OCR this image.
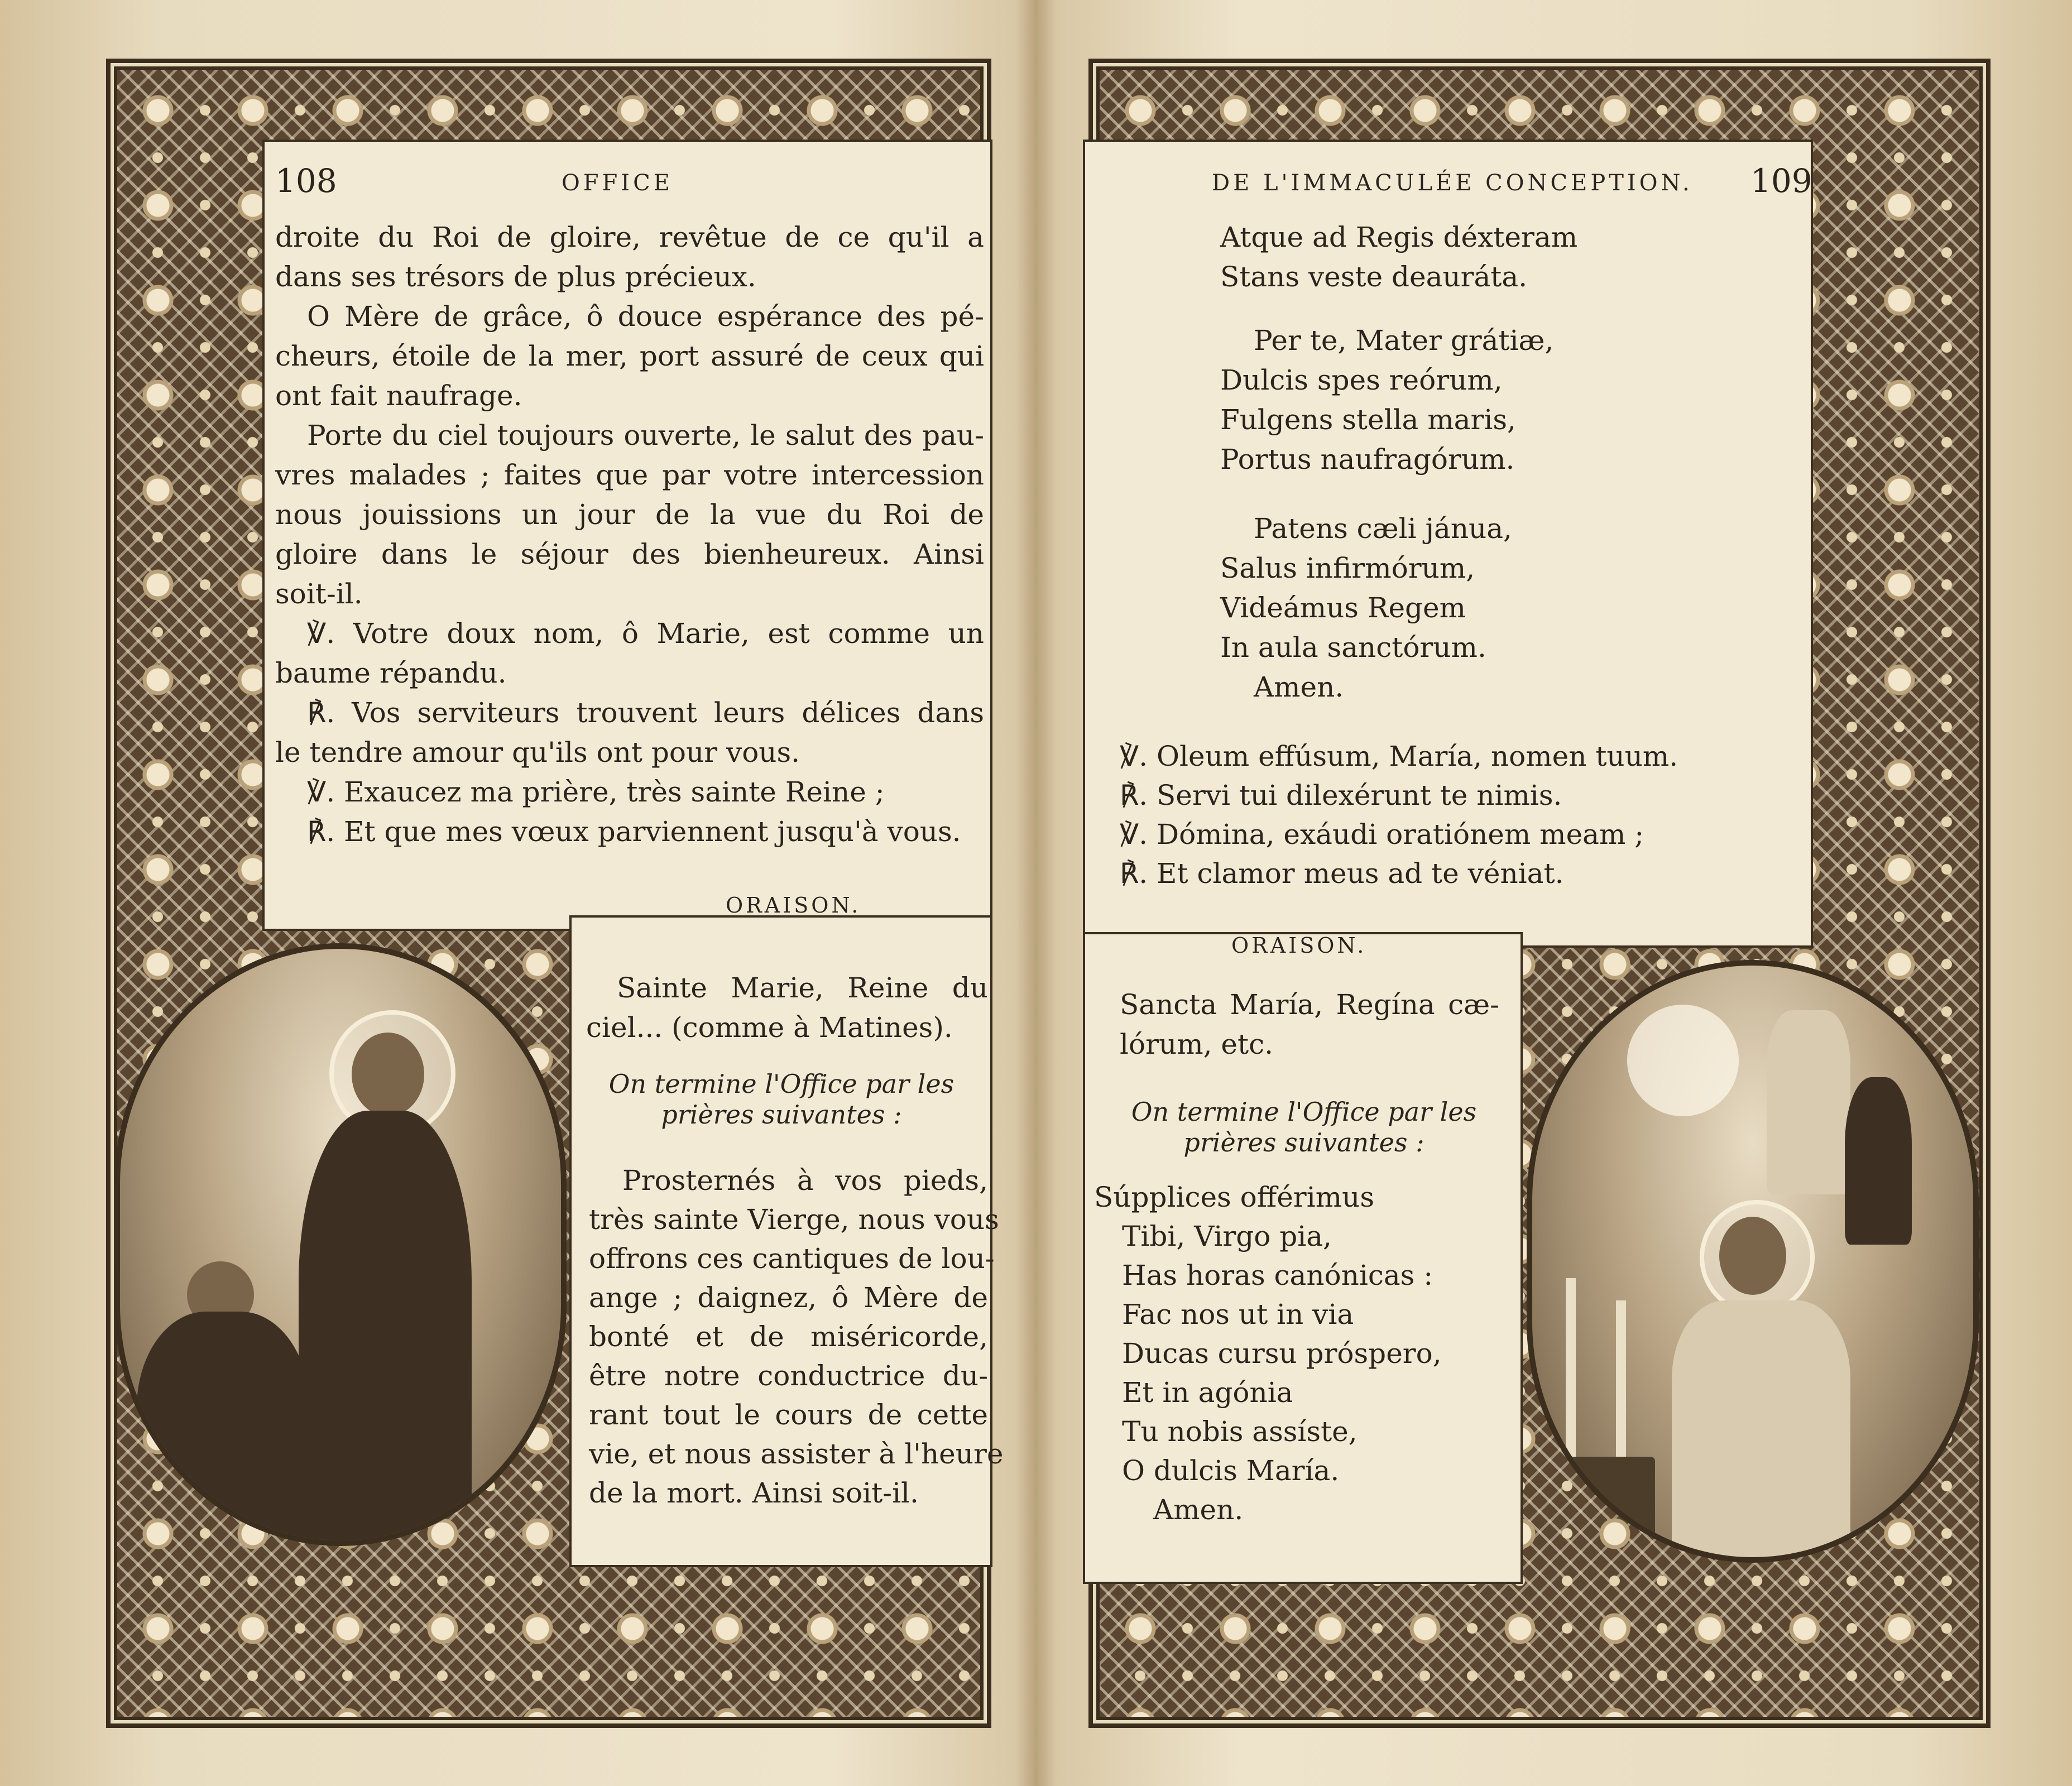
108	OFFICE
droite du Roi de gloire, revêtue de ce qu'il a
dans ses trésors de plus précieux.
O Mère de grâce, ô douce espérance des pé-
cheurs, étoile de la mer, port assuré de ceux qui
ont fait naufrage.
Porte du ciel toujours ouverte, le salut des pau-
vres malades ; faites que par votre intercession
nous jouissions un jour de la vue du Roi de
gloire dans le séjour des bienheureux. Ainsi
soit-il.
℣. Votre doux nom, ô Marie, est comme un
baume répandu.
℟. Vos serviteurs trouvent leurs délices dans
le tendre amour qu'ils ont pour vous.
℣. Exaucez ma prière, très sainte Reine ;
℟. Et que mes vœux parviennent jusqu'à vous.
ORAISON.
Sainte Marie, Reine du
ciel... (comme à Matines).
On termine l'Office par les
prières suivantes :
Prosternés à vos pieds,
très sainte Vierge, nous vous
offrons ces cantiques de lou-
ange ; daignez, ô Mère de
bonté et de miséricorde,
être notre conductrice du-
rant tout le cours de cette
vie, et nous assister à l'heure
de la mort. Ainsi soit-il.
DE L'IMMACULÉE CONCEPTION. 109
Atque ad Regis déxteram
Stans veste deauráta.
Per te, Mater grátiæ,
Dulcis spes reórum,
Fulgens stella maris,
Portus naufragórum.
Patens cæli jánua,
Salus infirmórum,
Videámus Regem
In aula sanctórum.
Amen.
℣. Oleum effúsum, María, nomen tuum.
℟. Servi tui dilexérunt te nimis.
℣. Dómina, exáudi oratiónem meam ;
℟. Et clamor meus ad te véniat.
ORAISON.
Sancta María, Regína cæ-
lórum, etc.
On termine l'Office par les
prières suivantes :
Súpplices offérimus
Tibi, Virgo pia,
Has horas canónicas :
Fac nos ut in via
Ducas cursu próspero,
Et in agónia
Tu nobis assíste,
O dulcis María.
Amen.
